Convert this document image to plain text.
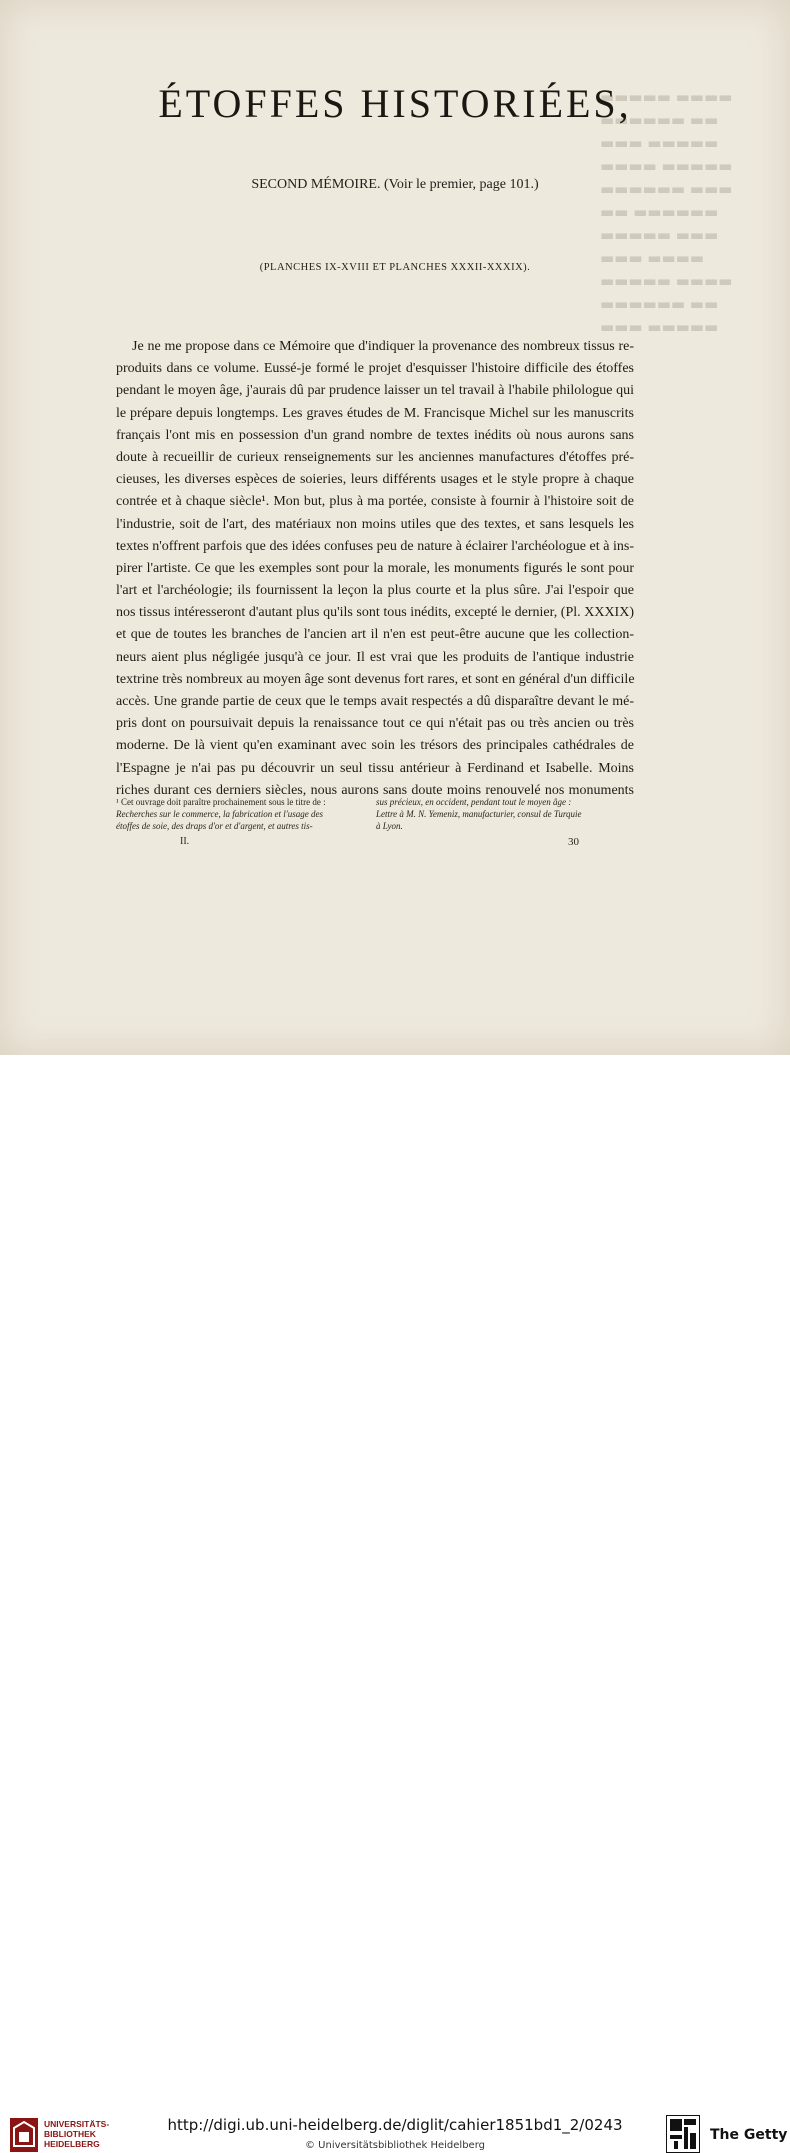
▬▬▬▬▬ ▬▬▬▬
▬▬▬▬▬▬ ▬▬
▬▬▬ ▬▬▬▬▬
▬▬▬▬ ▬▬▬▬▬
▬▬▬▬▬▬ ▬▬▬
▬▬ ▬▬▬▬▬▬
▬▬▬▬▬ ▬▬▬
▬▬▬ ▬▬▬▬
▬▬▬▬▬ ▬▬▬▬
▬▬▬▬▬▬ ▬▬
▬▬▬ ▬▬▬▬▬
ÉTOFFES HISTORIÉES,
SECOND MÉMOIRE. (Voir le premier, page 101.)
(PLANCHES IX-XVIII ET PLANCHES XXXII-XXXIX).
Je ne me propose dans ce Mémoire que d'indiquer la provenance des nombreux tissus re-
produits dans ce volume. Eussé-je formé le projet d'esquisser l'histoire difficile des étoffes
pendant le moyen âge, j'aurais dû par prudence laisser un tel travail à l'habile philologue qui
le prépare depuis longtemps. Les graves études de M. Francisque Michel sur les manuscrits
français l'ont mis en possession d'un grand nombre de textes inédits où nous aurons sans
doute à recueillir de curieux renseignements sur les anciennes manufactures d'étoffes pré-
cieuses, les diverses espèces de soieries, leurs différents usages et le style propre à chaque
contrée et à chaque siècle¹. Mon but, plus à ma portée, consiste à fournir à l'histoire soit de
l'industrie, soit de l'art, des matériaux non moins utiles que des textes, et sans lesquels les
textes n'offrent parfois que des idées confuses peu de nature à éclairer l'archéologue et à ins-
pirer l'artiste. Ce que les exemples sont pour la morale, les monuments figurés le sont pour
l'art et l'archéologie; ils fournissent la leçon la plus courte et la plus sûre. J'ai l'espoir que
nos tissus intéresseront d'autant plus qu'ils sont tous inédits, excepté le dernier, (Pl. XXXIX)
et que de toutes les branches de l'ancien art il n'en est peut-être aucune que les collection-
neurs aient plus négligée jusqu'à ce jour. Il est vrai que les produits de l'antique industrie
textrine très nombreux au moyen âge sont devenus fort rares, et sont en général d'un difficile
accès. Une grande partie de ceux que le temps avait respectés a dû disparaître devant le mé-
pris dont on poursuivait depuis la renaissance tout ce qui n'était pas ou très ancien ou très
moderne. De là vient qu'en examinant avec soin les trésors des principales cathédrales de
l'Espagne je n'ai pas pu découvrir un seul tissu antérieur à Ferdinand et Isabelle. Moins
riches durant ces derniers siècles, nous aurons sans doute moins renouvelé nos monuments
¹ Cet ouvrage doit paraître prochainement sous le titre de :
Recherches sur le commerce, la fabrication et l'usage des
étoffes de soie, des draps d'or et d'argent, et autres tis-
sus précieux, en occident, pendant tout le moyen âge :
Lettre à M. N. Yemeniz, manufacturier, consul de Turquie
à Lyon.
II.	30
UNIVERSITÄTS-
BIBLIOTHEK
HEIDELBERG
http://digi.ub.uni-heidelberg.de/diglit/cahier1851bd1_2/0243
© Universitätsbibliothek Heidelberg
The Getty
